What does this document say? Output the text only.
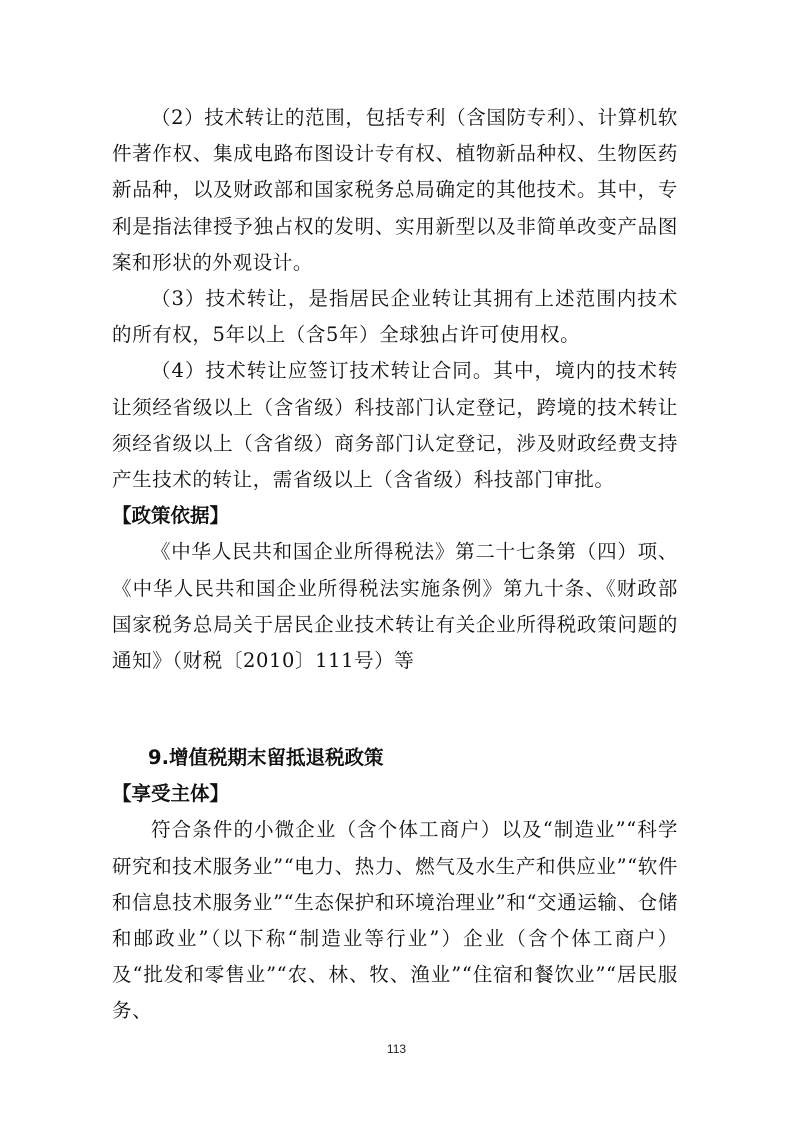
（2）技术转让的范围，包括专利（含国防专利）、计算机软件著作权、集成电路布图设计专有权、植物新品种权、生物医药新品种，以及财政部和国家税务总局确定的其他技术。其中，专利是指法律授予独占权的发明、实用新型以及非简单改变产品图案和形状的外观设计。

（3）技术转让，是指居民企业转让其拥有上述范围内技术的所有权，5年以上（含5年）全球独占许可使用权。

（4）技术转让应签订技术转让合同。其中，境内的技术转让须经省级以上（含省级）科技部门认定登记，跨境的技术转让须经省级以上（含省级）商务部门认定登记，涉及财政经费支持产生技术的转让，需省级以上（含省级）科技部门审批。

【政策依据】

《中华人民共和国企业所得税法》第二十七条第（四）项、《中华人民共和国企业所得税法实施条例》第九十条、《财政部 国家税务总局关于居民企业技术转让有关企业所得税政策问题的通知》（财税〔2010〕111号）等

9.增值税期末留抵退税政策

【享受主体】

符合条件的小微企业（含个体工商户）以及“制造业”“科学研究和技术服务业”“电力、热力、燃气及水生产和供应业”“软件和信息技术服务业”“生态保护和环境治理业”和“交通运输、仓储和邮政业”（以下称“制造业等行业”）企业（含个体工商户）及“批发和零售业”“农、林、牧、渔业”“住宿和餐饮业”“居民服务、

113
